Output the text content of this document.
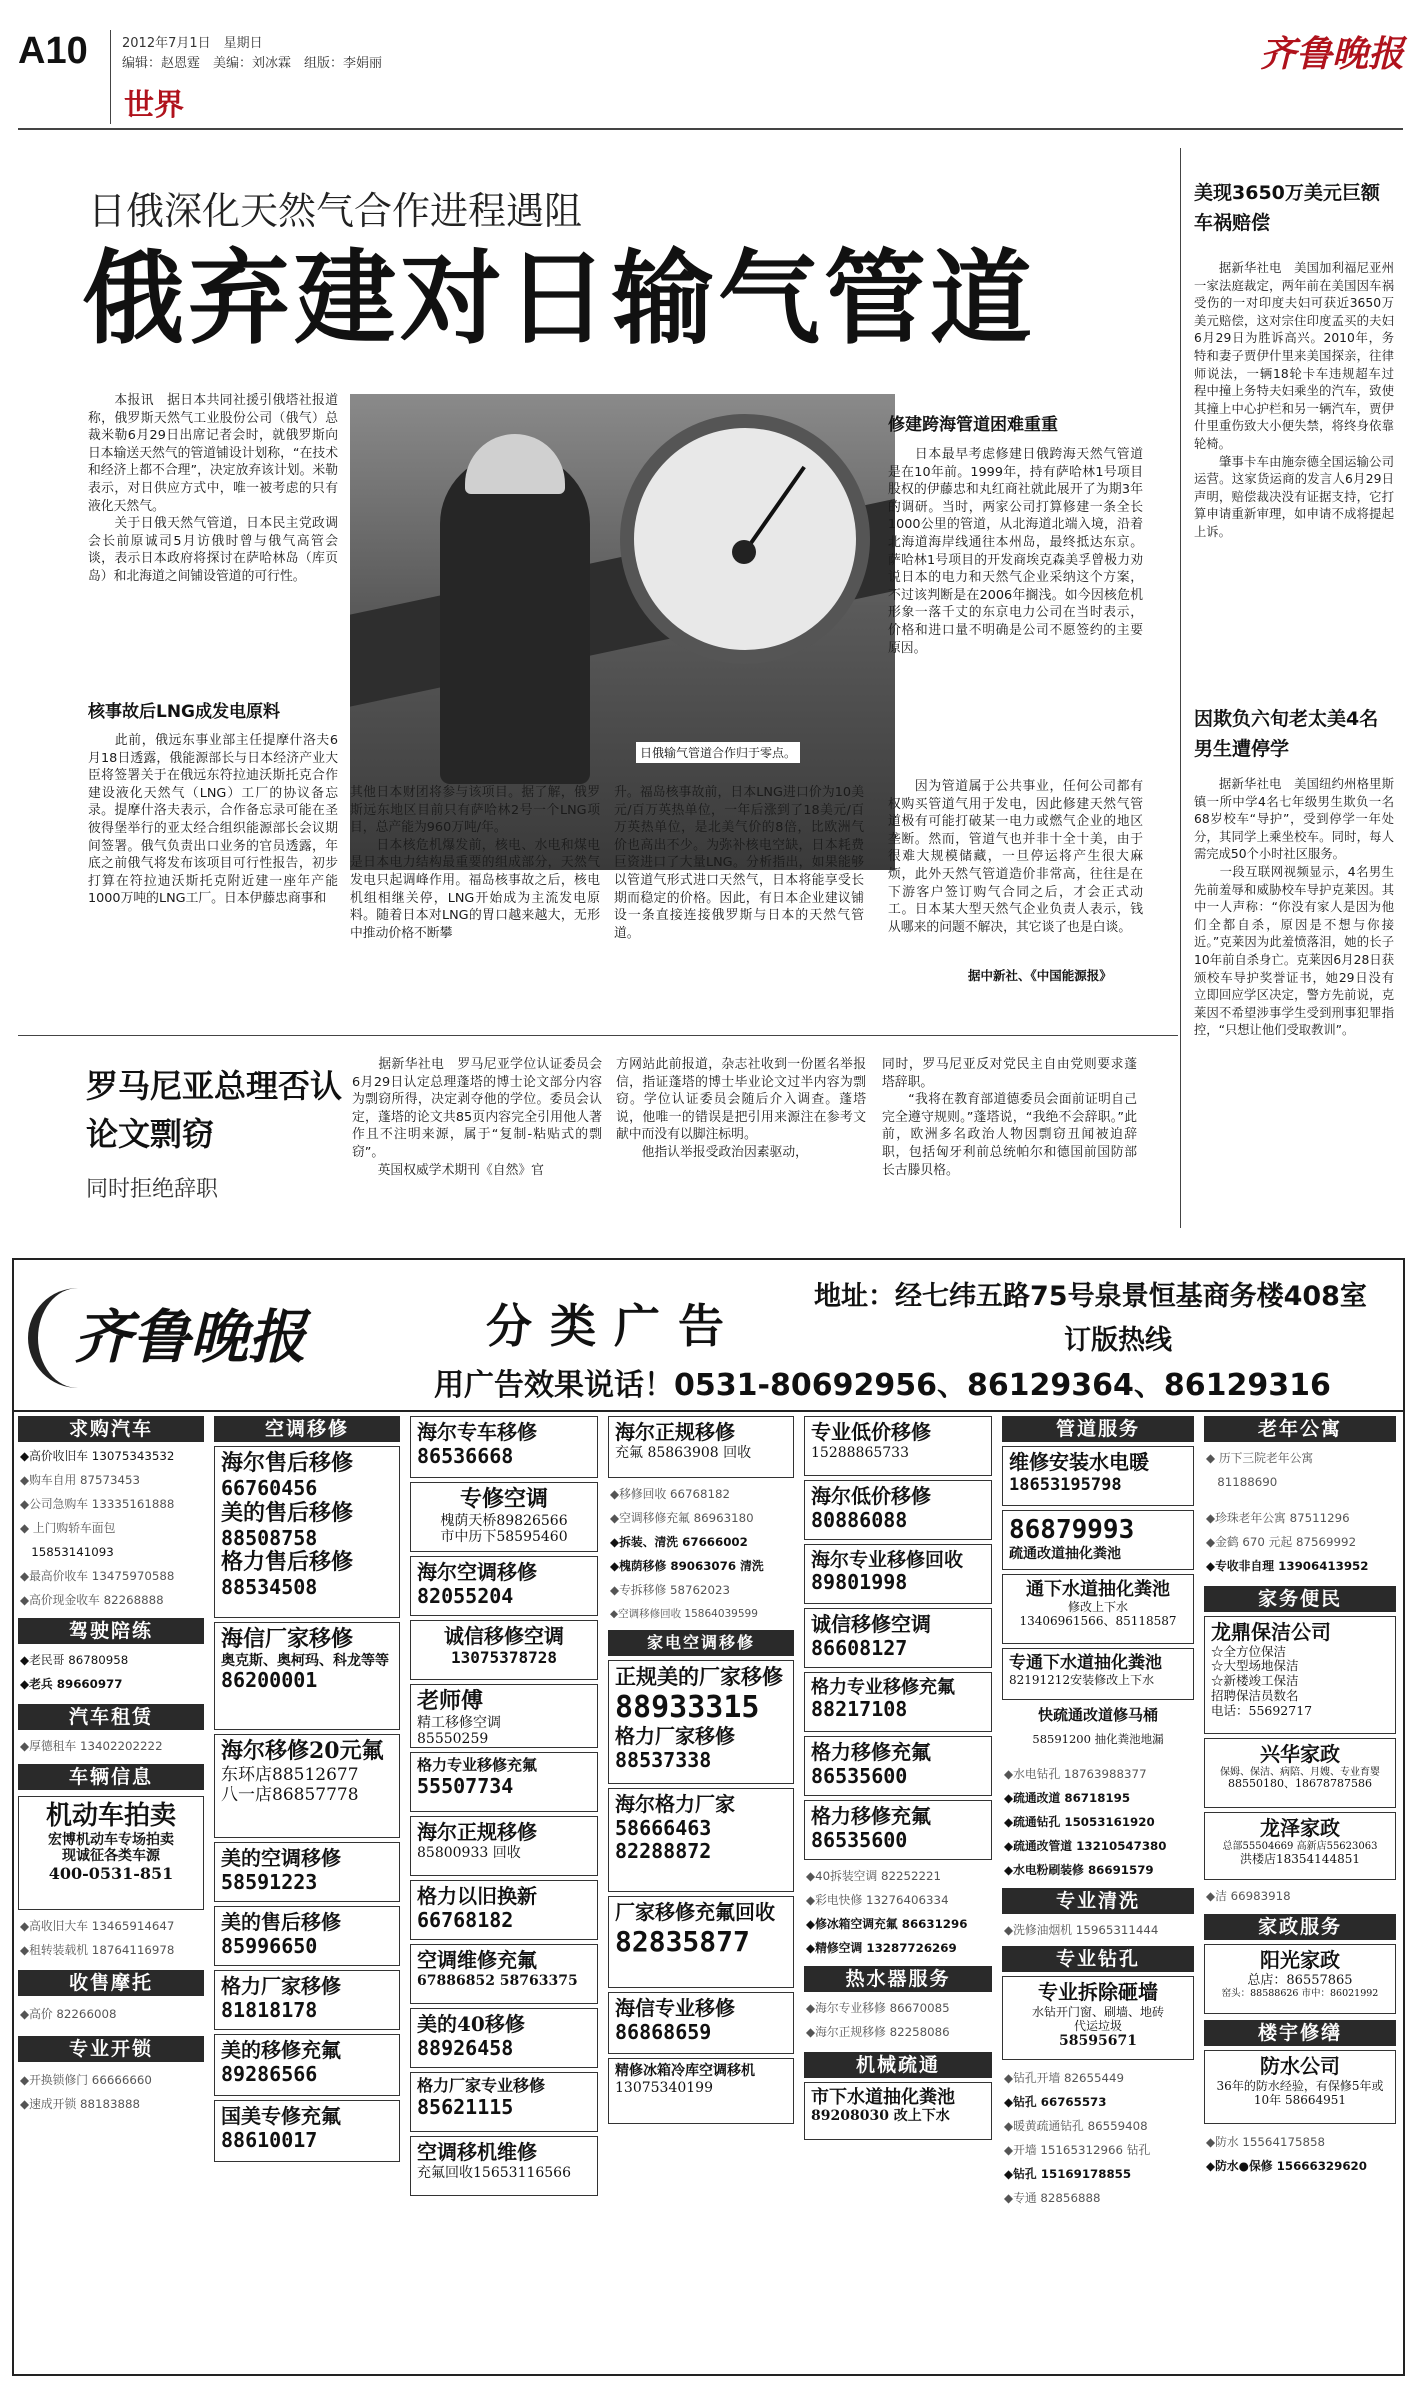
A10	2012年7月1日　星期日
编辑：赵恩霆　美编：刘冰霖　组版：李娟丽
世界
齐鲁晚报
日俄深化天然气合作进程遇阻
俄弃建对日输气管道
　　本报讯　据日本共同社援引俄塔社报道称，俄罗斯天然气工业股份公司（俄气）总裁米勒6月29日出席记者会时，就俄罗斯向日本输送天然气的管道铺设计划称，“在技术和经济上都不合理”，决定放弃该计划。米勒表示，对日供应方式中，唯一被考虑的只有液化天然气。
　　关于日俄天然气管道，日本民主党政调会长前原诚司5月访俄时曾与俄气高管会谈，表示日本政府将探讨在萨哈林岛（库页岛）和北海道之间铺设管道的可行性。
核事故后LNG成发电原料
　　此前，俄远东事业部主任提摩什洛夫6月18日透露，俄能源部长与日本经济产业大臣将签署关于在俄远东符拉迪沃斯托克合作建设液化天然气（LNG）工厂的协议备忘录。提摩什洛夫表示，合作备忘录可能在圣彼得堡举行的亚太经合组织能源部长会议期间签署。俄气负责出口业务的官员透露，年底之前俄气将发布该项目可行性报告，初步打算在符拉迪沃斯托克附近建一座年产能1000万吨的LNG工厂。日本伊藤忠商事和
日俄输气管道合作归于零点。
其他日本财团将参与该项目。据了解，俄罗斯远东地区目前只有萨哈林2号一个LNG项目，总产能为960万吨/年。
　　日本核危机爆发前，核电、水电和煤电是日本电力结构最重要的组成部分，天然气发电只起调峰作用。福岛核事故之后，核电机组相继关停，LNG开始成为主流发电原料。随着日本对LNG的胃口越来越大，无形中推动价格不断攀
升。福岛核事故前，日本LNG进口价为10美元/百万英热单位，一年后涨到了18美元/百万英热单位，是北美气价的8倍，比欧洲气价也高出不少。为弥补核电空缺，日本耗费巨资进口了大量LNG。分析指出，如果能够以管道气形式进口天然气，日本将能享受长期而稳定的价格。因此，有日本企业建议铺设一条直接连接俄罗斯与日本的天然气管道。
修建跨海管道困难重重
　　日本最早考虑修建日俄跨海天然气管道是在10年前。1999年，持有萨哈林1号项目股权的伊藤忠和丸红商社就此展开了为期3年的调研。当时，两家公司打算修建一条全长1000公里的管道，从北海道北端入境，沿着北海道海岸线通往本州岛，最终抵达东京。萨哈林1号项目的开发商埃克森美孚曾极力劝说日本的电力和天然气企业采纳这个方案，不过该判断是在2006年搁浅。如今因核危机形象一落千丈的东京电力公司在当时表示，价格和进口量不明确是公司不愿签约的主要原因。
　　因为管道属于公共事业，任何公司都有权购买管道气用于发电，因此修建天然气管道极有可能打破某一电力或燃气企业的地区垄断。然而，管道气也并非十全十美，由于很难大规模储藏，一旦停运将产生很大麻烦，此外天然气管道造价非常高，往往是在下游客户签订购气合同之后，才会正式动工。日本某大型天然气企业负责人表示，钱从哪来的问题不解决，其它谈了也是白谈。
据中新社、《中国能源报》
美现3650万美元巨额车祸赔偿
　　据新华社电　美国加利福尼亚州一家法庭裁定，两年前在美国因车祸受伤的一对印度夫妇可获近3650万美元赔偿，这对宗住印度孟买的夫妇6月29日为胜诉高兴。2010年，务特和妻子贾伊什里来美国探亲，往律师说法，一辆18轮卡车违规超车过程中撞上务特夫妇乘坐的汽车，致使其撞上中心护栏和另一辆汽车，贾伊什里重伤致大小便失禁，将终身依靠轮椅。
　　肇事卡车由施奈德全国运输公司运营。这家货运商的发言人6月29日声明，赔偿裁决没有证据支持，它打算申请重新审理，如申请不成将提起上诉。
因欺负六旬老太美4名男生遭停学
　　据新华社电　美国纽约州格里斯镇一所中学4名七年级男生欺负一名68岁校车“导护”，受到停学一年处分，其同学上乘坐校车。同时，每人需完成50个小时社区服务。
　　一段互联网视频显示，4名男生先前羞辱和威胁校车导护克莱因。其中一人声称：“你没有家人是因为他们全都自杀，原因是不想与你接近。”克莱因为此羞愤落泪，她的长子10年前自杀身亡。克莱因6月28日获颁校车导护奖誉证书，她29日没有立即回应学区决定，警方先前说，克莱因不希望涉事学生受到刑事犯罪指控，“只想让他们受取教训”。
罗马尼亚总理否认论文剽窃
同时拒绝辞职
　　据新华社电　罗马尼亚学位认证委员会6月29日认定总理蓬塔的博士论文部分内容为剽窃所得，决定剥夺他的学位。委员会认定，蓬塔的论文共85页内容完全引用他人著作且不注明来源，属于“复制-粘贴式的剽窃”。
　　英国权威学术期刊《自然》官
方网站此前报道，杂志社收到一份匿名举报信，指证蓬塔的博士毕业论文过半内容为剽窃。学位认证委员会随后介入调查。蓬塔说，他唯一的错误是把引用来源注在参考文献中而没有以脚注标明。
　　他指认举报受政治因素驱动，
同时，罗马尼亚反对党民主自由党则要求蓬塔辞职。
　　“我将在教育部道德委员会面前证明自己完全遵守规则。”蓬塔说，“我绝不会辞职。”此前，欧洲多名政治人物因剽窃丑闻被迫辞职，包括匈牙利前总统帕尔和德国前国防部长古滕贝格。
齐鲁晚报	分类广告
地址：经七纬五路75号泉景恒基商务楼408室
订版热线
用广告效果说话！0531-80692956、86129364、86129316
求购汽车
◆高价收旧车 13075343532
◆购车自用 87573453
◆公司急购车 13335161888
◆ 上门购轿车面包
15853141093
◆最高价收车 13475970588
◆高价现金收车 82268888
驾驶陪练
◆老民哥 86780958
◆老兵 89660977
汽车租赁
◆厚德租车 13402202222
车辆信息
机动车拍卖
宏博机动车专场拍卖
现诚征各类车源
400-0531-851
◆高收旧大车 13465914647
◆租转装载机 18764116978
收售摩托
◆高价 82266008
专业开锁
◆开换锁修门 66666660
◆速成开锁 88183888
空调移修
海尔售后移修
66760456
美的售后移修
88508758
格力售后移修
88534508
海信厂家移修
奥克斯、奥柯玛、科龙等等
86200001
海尔移修20元氟
东环店88512677
八一店86857778
美的空调移修
58591223
美的售后移修
85996650
格力厂家移修
81818178
美的移修充氟
89286566
国美专修充氟
88610017
海尔专车移修
86536668
专修空调
槐荫天桥89826566
市中历下58595460
海尔空调移修
82055204
诚信移修空调
13075378728
老师傅
精工移修空调
85550259
格力专业移修充氟
55507734
海尔正规移修
85800933 回收
格力以旧换新
66768182
空调维修充氟
67886852 58763375
美的40移修
88926458
格力厂家专业移修
85621115
空调移机维修
充氟回收15653116566
海尔正规移修
充氟 85863908 回收
◆移修回收 66768182
◆空调移修充氟 86963180
◆拆装、清洗 67666002
◆槐荫移修 89063076 清洗
◆专拆移修 58762023
◆空调移修回收 15864039599
家电空调移修
正规美的厂家移修
88933315
格力厂家移修
88537338
海尔格力厂家
58666463
82288872
厂家移修充氟回收
82835877
海信专业移修
86868659
精修冰箱冷库空调移机
13075340199
专业低价移修
15288865733
海尔低价移修
80886088
海尔专业移修回收
89801998
诚信移修空调
86608127
格力专业移修充氟
88217108
格力移修充氟
86535600
格力移修充氟
86535600
◆40拆装空调 82252221
◆彩电快修 13276406334
◆修冰箱空调充氟 86631296
◆精修空调 13287726269
热水器服务
◆海尔专业移修 86670085
◆海尔正规移修 82258086
机械疏通
市下水道抽化粪池
89208030 改上下水
管道服务
维修安装水电暖
18653195798
86879993
疏通改道抽化粪池
通下水道抽化粪池
修改上下水
13406961566、85118587
专通下水道抽化粪池
82191212安装修改上下水
快疏通改道修马桶
58591200 抽化粪池地漏
◆水电钻孔 18763988377
◆疏通改道 86718195
◆疏通钻孔 15053161920
◆疏通改管道 13210547380
◆水电粉刷装修 86691579
专业清洗
◆洗修油烟机 15965311444
专业钻孔
专业拆除砸墙
水钻开门窗、刷墙、地砖
代运垃圾
58595671
◆钻孔开墙 82655449
◆钻孔 66765573
◆暖黄疏通钻孔 86559408
◆开墙 15165312966 钻孔
◆钻孔 15169178855
◆专通 82856888
老年公寓
◆ 历下三院老年公寓
81188690
◆珍珠老年公寓 87511296
◆金鹤 670 元起 87569992
◆专收非自理 13906413952
家务便民
龙鼎保洁公司
☆全方位保洁
☆大型场地保洁
☆新楼竣工保洁
招聘保洁员数名
电话：55692717
兴华家政
保姆、保洁、病陪、月嫂、专业育婴
88550180、18678787586
龙泽家政
总部55504669 高新店55623063
洪楼店18354144851
◆洁 66983918
家政服务
阳光家政
总店：86557865
窑头：88588626 市中：86021992
楼宇修缮
防水公司
36年的防水经验，有保修5年或10年 58664951
◆防水 15564175858
◆防水●保修 15666329620
